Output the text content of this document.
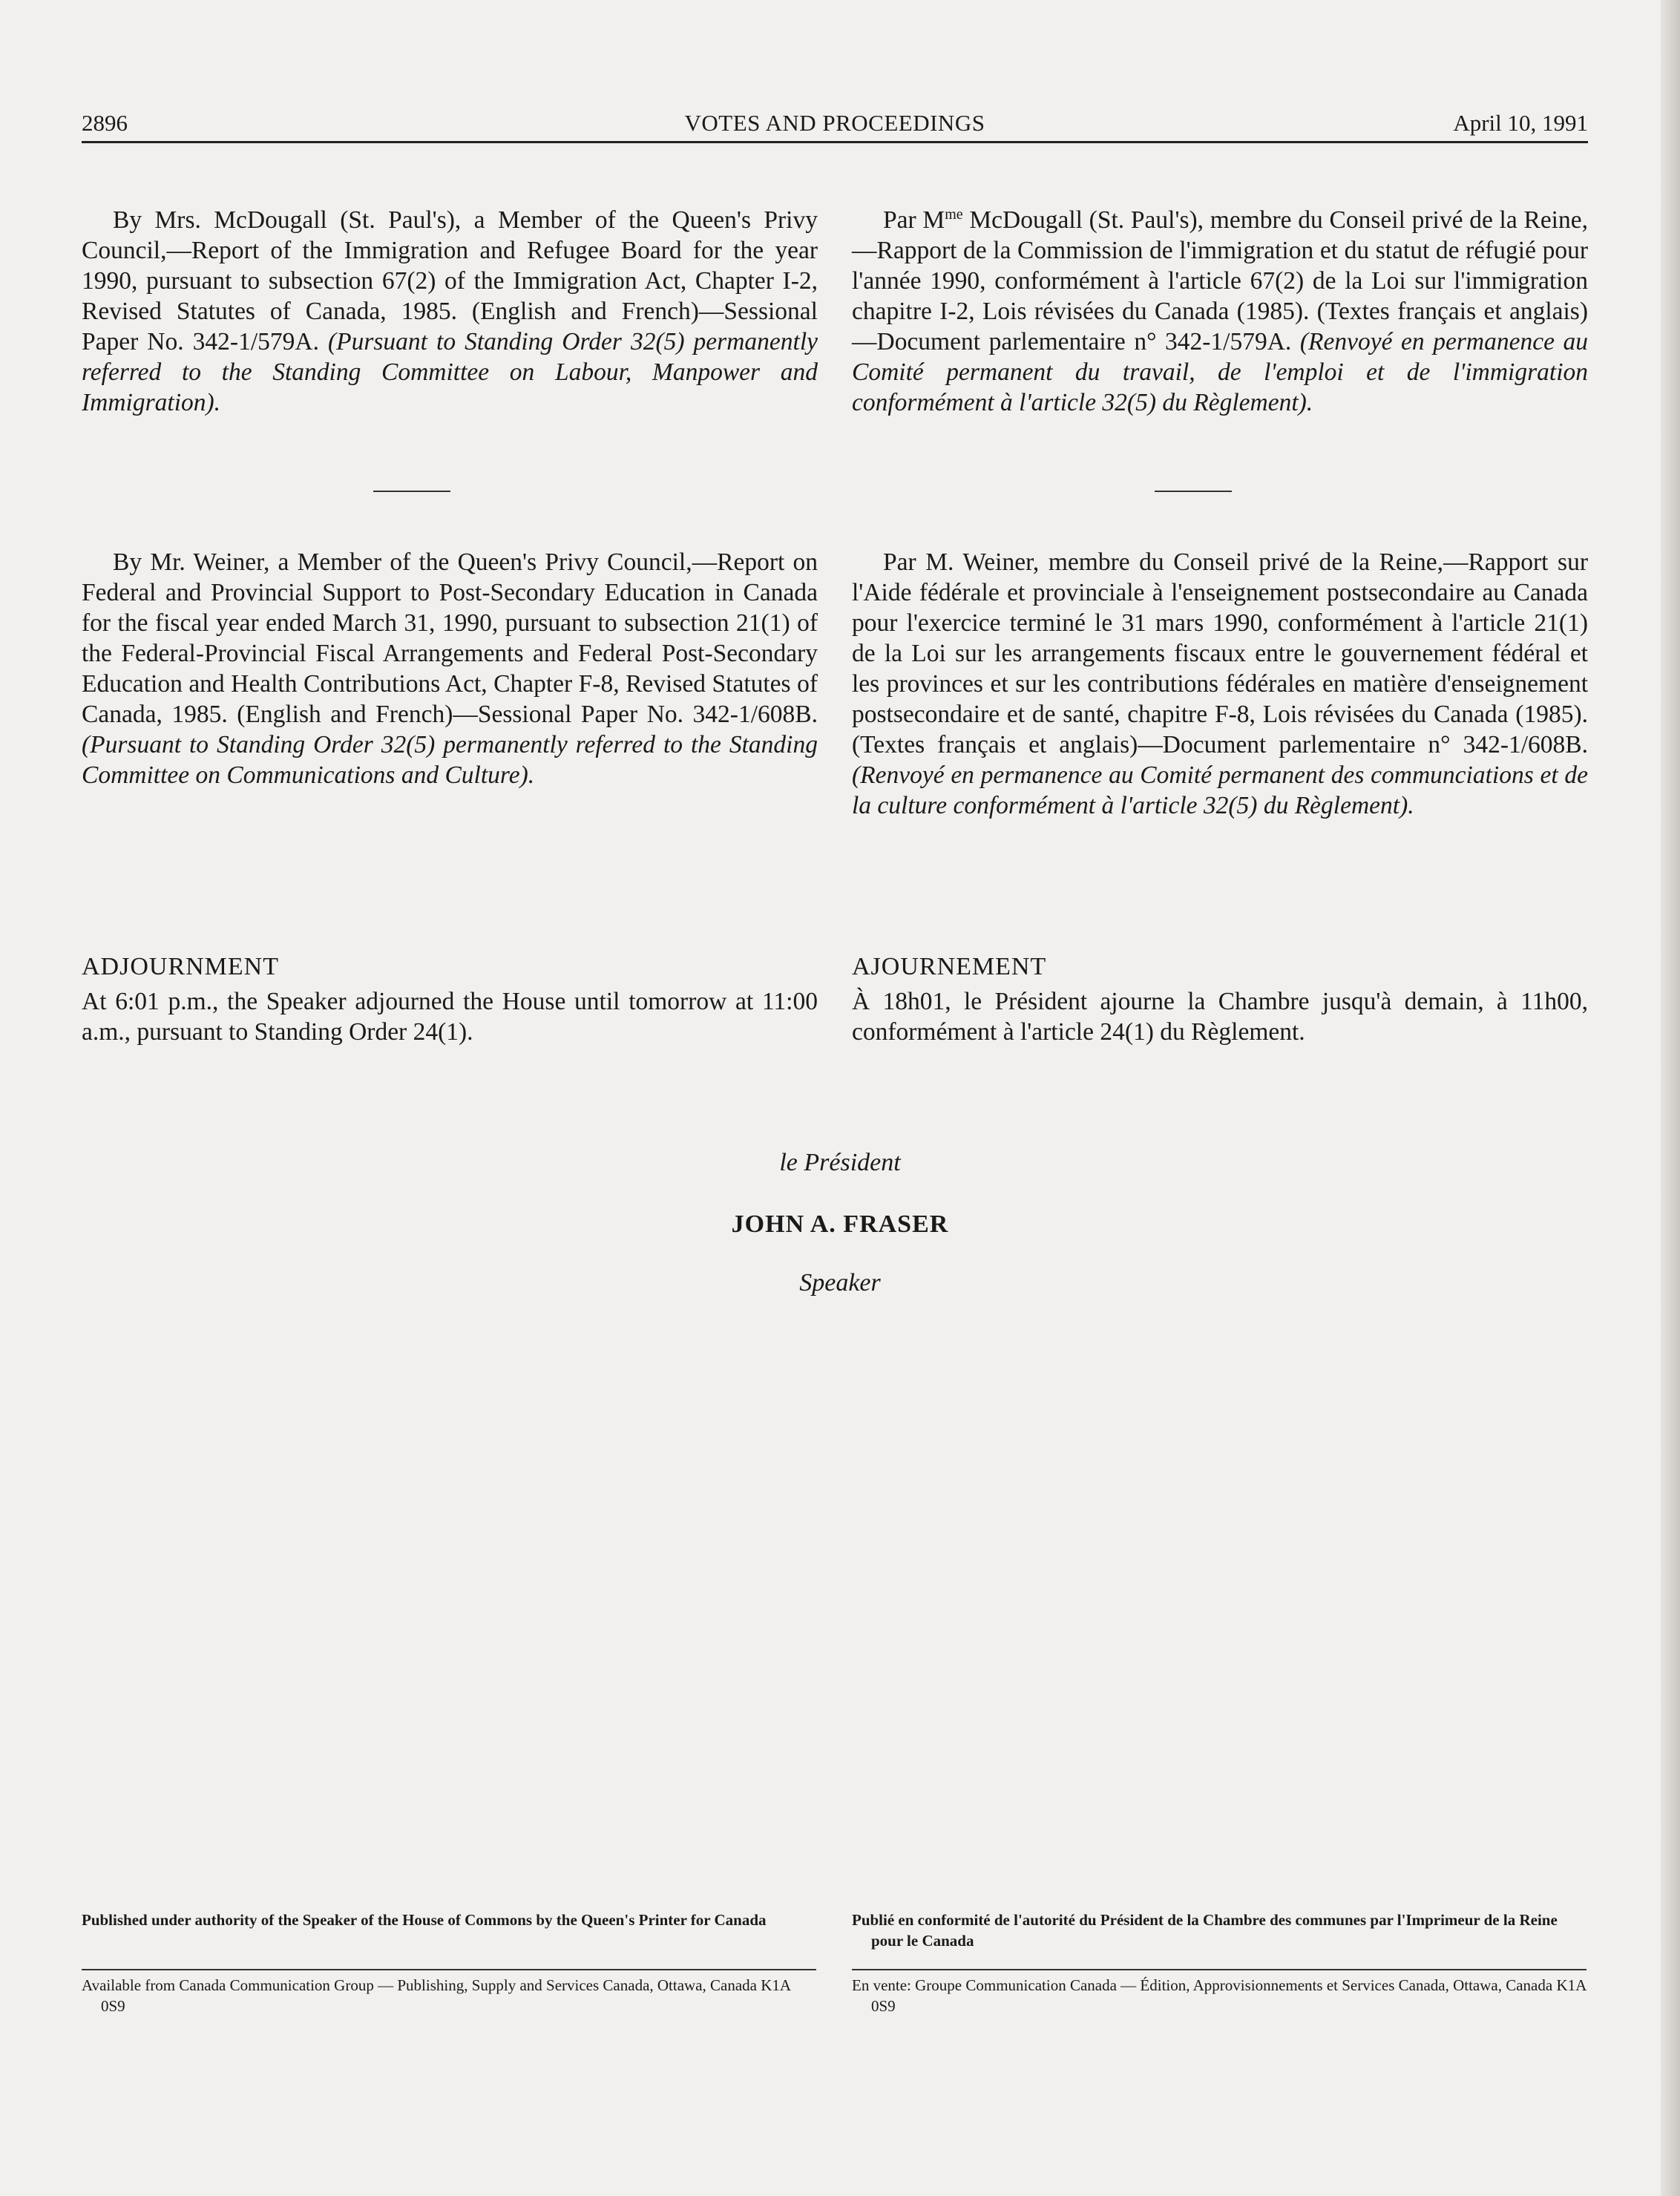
2896	VOTES AND PROCEEDINGS	April 10, 1991

By Mrs. McDougall (St. Paul's), a Member of the Queen's Privy Council,—Report of the Immigration and Refugee Board for the year 1990, pursuant to subsection 67(2) of the Immigration Act, Chapter I-2, Revised Statutes of Canada, 1985. (English and French)—Sessional Paper No. 342-1/579A. (Pursuant to Standing Order 32(5) permanently referred to the Standing Committee on Labour, Manpower and Immigration).

By Mr. Weiner, a Member of the Queen's Privy Council,—Report on Federal and Provincial Support to Post-Secondary Education in Canada for the fiscal year ended March 31, 1990, pursuant to subsection 21(1) of the Federal-Provincial Fiscal Arrangements and Federal Post-Secondary Education and Health Contributions Act, Chapter F-8, Revised Statutes of Canada, 1985. (English and French)—Sessional Paper No. 342-1/608B. (Pursuant to Standing Order 32(5) permanently referred to the Standing Committee on Communications and Culture).

ADJOURNMENT

At 6:01 p.m., the Speaker adjourned the House until tomorrow at 11:00 a.m., pursuant to Standing Order 24(1).

Par $M^{me}$ McDougall (St. Paul's), membre du Conseil privé de la Reine,—Rapport de la Commission de l'immigration et du statut de réfugié pour l'année 1990, conformément à l'article 67(2) de la Loi sur l'immigration chapitre I-2, Lois révisées du Canada (1985). (Textes français et anglais)—Document parlementaire n° 342-1/579A. (Renvoyé en permanence au Comité permanent du travail, de l'emploi et de l'immigration conformément à l'article 32(5) du Règlement).

Par M. Weiner, membre du Conseil privé de la Reine,—Rapport sur l'Aide fédérale et provinciale à l'enseignement postsecondaire au Canada pour l'exercice terminé le 31 mars 1990, conformément à l'article 21(1) de la Loi sur les arrangements fiscaux entre le gouvernement fédéral et les provinces et sur les contributions fédérales en matière d'enseignement postsecondaire et de santé, chapitre F-8, Lois révisées du Canada (1985). (Textes français et anglais)—Document parlementaire n° 342-1/608B. (Renvoyé en permanence au Comité permanent des communciations et de la culture conformément à l'article 32(5) du Règlement).

AJOURNEMENT

À 18h01, le Président ajourne la Chambre jusqu'à demain, à 11h00, conformément à l'article 24(1) du Règlement.

le Président
JOHN A. FRASER
Speaker
Published under authority of the Speaker of the House of Commons by the Queen's Printer for Canada
Available from Canada Communication Group — Publishing, Supply and Services Canada, Ottawa, Canada K1A 0S9
Publié en conformité de l'autorité du Président de la Chambre des communes par l'Imprimeur de la Reine pour le Canada
En vente: Groupe Communication Canada — Édition, Approvisionnements et Services Canada, Ottawa, Canada K1A 0S9
